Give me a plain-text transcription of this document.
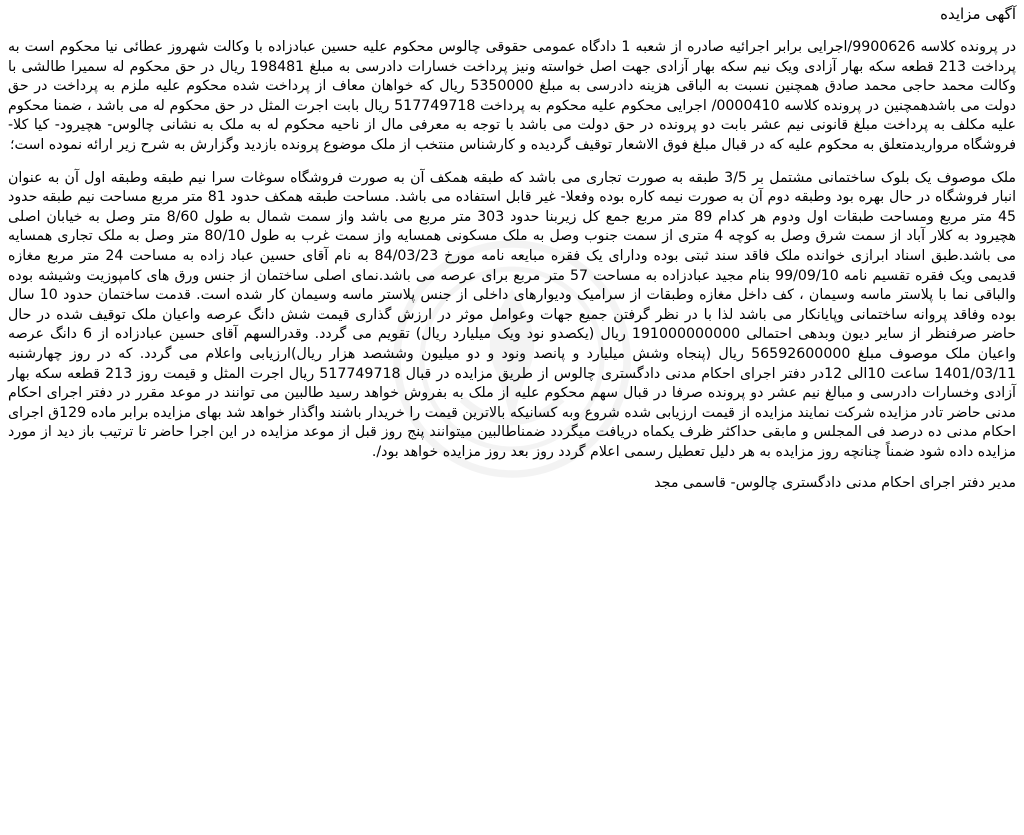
آگهی مزایده

در پرونده کلاسه 9900626/اجرایی برابر اجرائیه صادره از شعبه 1 دادگاه عمومی حقوقی چالوس محکوم علیه حسین عبادزاده با وکالت شهروز عطائی نیا محکوم است به پرداخت 213 قطعه سکه بهار آزادی ویک نیم سکه بهار آزادی جهت اصل خواسته ونیز پرداخت خسارات دادرسی به مبلغ 198481 ریال در حق محکوم له سمیرا طالشی با وکالت محمد حاجی محمد صادق همچنین نسبت به الباقی هزینه دادرسی به مبلغ 5350000 ریال که خواهان معاف از پرداخت شده محکوم علیه ملزم به پرداخت در حق دولت می باشدهمچنین در پرونده کلاسه 0000410/ اجرایی محکوم علیه محکوم به پرداخت 517749718 ریال بابت اجرت المثل در حق محکوم له می باشد ، ضمنا محکوم علیه مکلف به پرداخت مبلغ قانونی نیم عشر بابت دو پرونده در حق دولت می باشد با توجه به معرفی مال از ناحیه محکوم له به ملک به نشانی چالوس- هچیرود- کیا کلا- فروشگاه مرواریدمتعلق به محکوم علیه که در قبال مبلغ فوق الاشعار توقیف گردیده و کارشناس منتخب از ملک موضوع پرونده بازدید وگزارش به شرح زیر ارائه نموده است؛

ملک موصوف یک بلوک ساختمانی مشتمل بر 3/5 طبقه به صورت تجاری می باشد که طبقه همکف آن به صورت فروشگاه سوغات سرا نیم طبقه وطبقه اول آن به عنوان انبار فروشگاه در حال بهره بود وطبقه دوم آن به صورت نیمه کاره بوده وفعلا- غیر قابل استفاده می باشد. مساحت طبقه همکف حدود 81 متر مربع مساحت نیم طبقه حدود 45 متر مربع ومساحت طبقات اول ودوم هر کدام 89 متر مربع جمع کل زیربنا حدود 303 متر مربع می باشد واز سمت شمال به طول 8/60 متر وصل به خیابان اصلی هچیرود به کلار آباد از سمت شرق وصل به کوچه 4 متری از سمت جنوب وصل به ملک مسکونی همسایه واز سمت غرب به طول 80/10 متر وصل به ملک تجاری همسایه می باشد.طبق اسناد ابرازی خوانده ملک فاقد سند ثبتی بوده ودارای یک فقره مبایعه نامه مورخ 84/03/23 به نام آقای حسین عباد زاده به مساحت 24 متر مربع مغازه قدیمی ویک فقره تقسیم نامه 99/09/10 بنام مجید عبادزاده به مساحت 57 متر مربع برای عرصه می باشد.نمای اصلی ساختمان از جنس ورق های کامپوزیت وشیشه بوده والباقی نما با پلاستر ماسه وسیمان ، کف داخل مغازه وطبقات از سرامیک ودیوارهای داخلی از جنس پلاستر ماسه وسیمان کار شده است. قدمت ساختمان حدود 10 سال بوده وفاقد پروانه ساختمانی وپایانکار می باشد لذا با در نظر گرفتن جمیع جهات وعوامل موثر در ارزش گذاری قیمت شش دانگ عرصه واعیان ملک توقیف شده در حال حاضر صرفنظر از سایر دیون وبدهی احتمالی 191000000000 ریال (یکصدو نود ویک میلیارد ریال) تقویم می گردد. وقدرالسهم آقای حسین عبادزاده از 6 دانگ عرصه واعیان ملک موصوف مبلغ 56592600000 ریال (پنجاه وشش میلیارد و پانصد ونود و دو میلیون وششصد هزار ریال)ارزیابی واعلام می گردد. که در روز چهارشنبه 1401/03/11 ساعت 10الی 12در دفتر اجرای احکام مدنی دادگستری چالوس از طریق مزایده در قبال 517749718 ریال اجرت المثل و قیمت روز 213 قطعه سکه بهار آزادی وخسارات دادرسی و مبالغ نیم عشر دو پرونده صرفا در قبال سهم محکوم علیه از ملک به بفروش خواهد رسید طالبین می توانند در موعد مقرر در دفتر اجرای احکام مدنی حاضر تادر مزایده شرکت نمایند مزایده از قیمت ارزیابی شده شروع وبه کسانیکه بالاترین قیمت را خریدار باشند واگذار خواهد شد بهای مزایده برابر ماده 129ق اجرای احکام مدنی ده درصد فی المجلس و مابقی حداکثر ظرف یکماه دریافت میگردد ضمناطالبین میتوانند پنج روز قبل از موعد مزایده در این اجرا حاضر تا ترتیب باز دید از مورد مزایده داده شود ضمناً چنانچه روز مزایده به هر دلیل تعطیل رسمی اعلام گردد روز بعد روز مزایده خواهد بود/.

مدیر دفتر اجرای احکام مدنی دادگستری چالوس- قاسمی مجد
